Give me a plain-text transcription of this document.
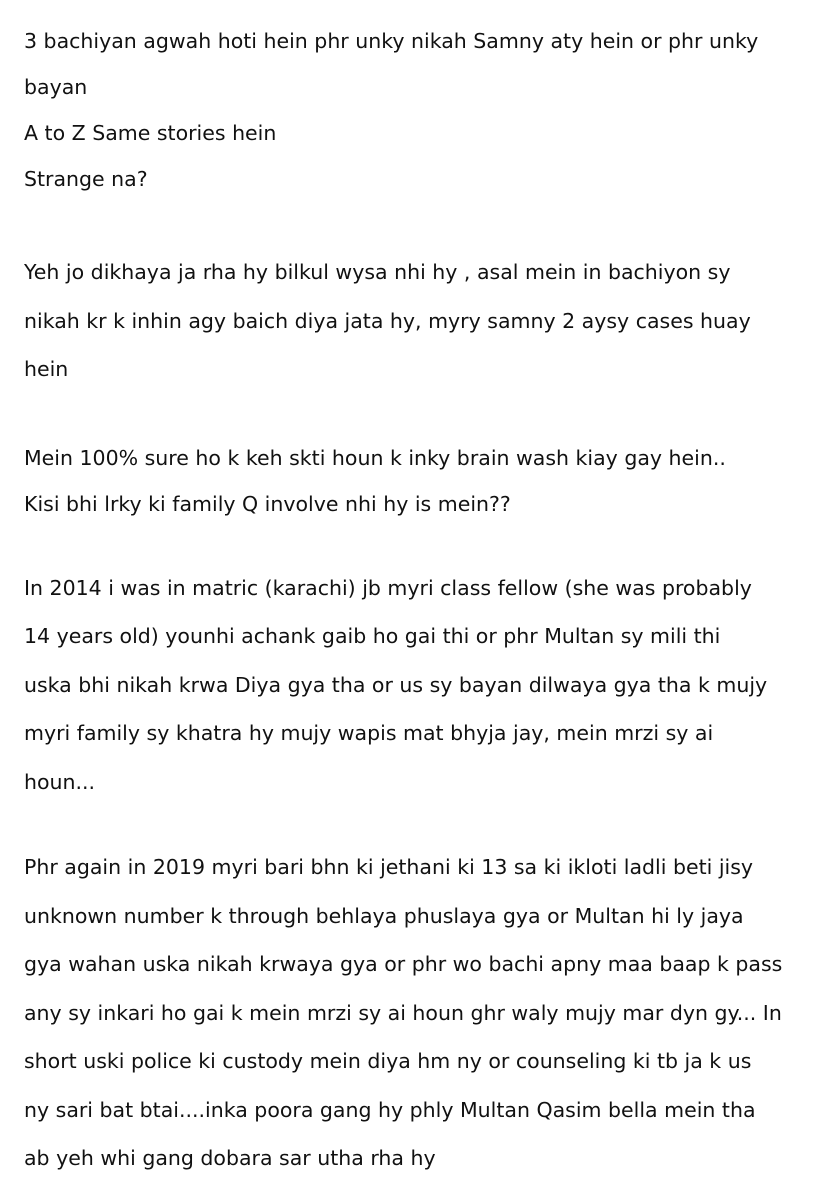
3 bachiyan agwah hoti hein phr unky nikah Samny aty hein or phr unky
bayan
A to Z Same stories hein
Strange na?
Yeh jo dikhaya ja rha hy bilkul wysa nhi hy , asal mein in bachiyon sy
nikah kr k inhin agy baich diya jata hy, myry samny 2 aysy cases huay
hein
Mein 100% sure ho k keh skti houn k inky brain wash kiay gay hein..
Kisi bhi lrky ki family Q involve nhi hy is mein??
In 2014 i was in matric (karachi) jb myri class fellow (she was probably
14 years old) younhi achank gaib ho gai thi or phr Multan sy mili thi
uska bhi nikah krwa Diya gya tha or us sy bayan dilwaya gya tha k mujy
myri family sy khatra hy mujy wapis mat bhyja jay, mein mrzi sy ai
houn...
Phr again in 2019 myri bari bhn ki jethani ki 13 sa ki ikloti ladli beti jisy
unknown number k through behlaya phuslaya gya or Multan hi ly jaya
gya wahan uska nikah krwaya gya or phr wo bachi apny maa baap k pass
any sy inkari ho gai k mein mrzi sy ai houn ghr waly mujy mar dyn gy... In
short uski police ki custody mein diya hm ny or counseling ki tb ja k us
ny sari bat btai....inka poora gang hy phly Multan Qasim bella mein tha
ab yeh whi gang dobara sar utha rha hy
